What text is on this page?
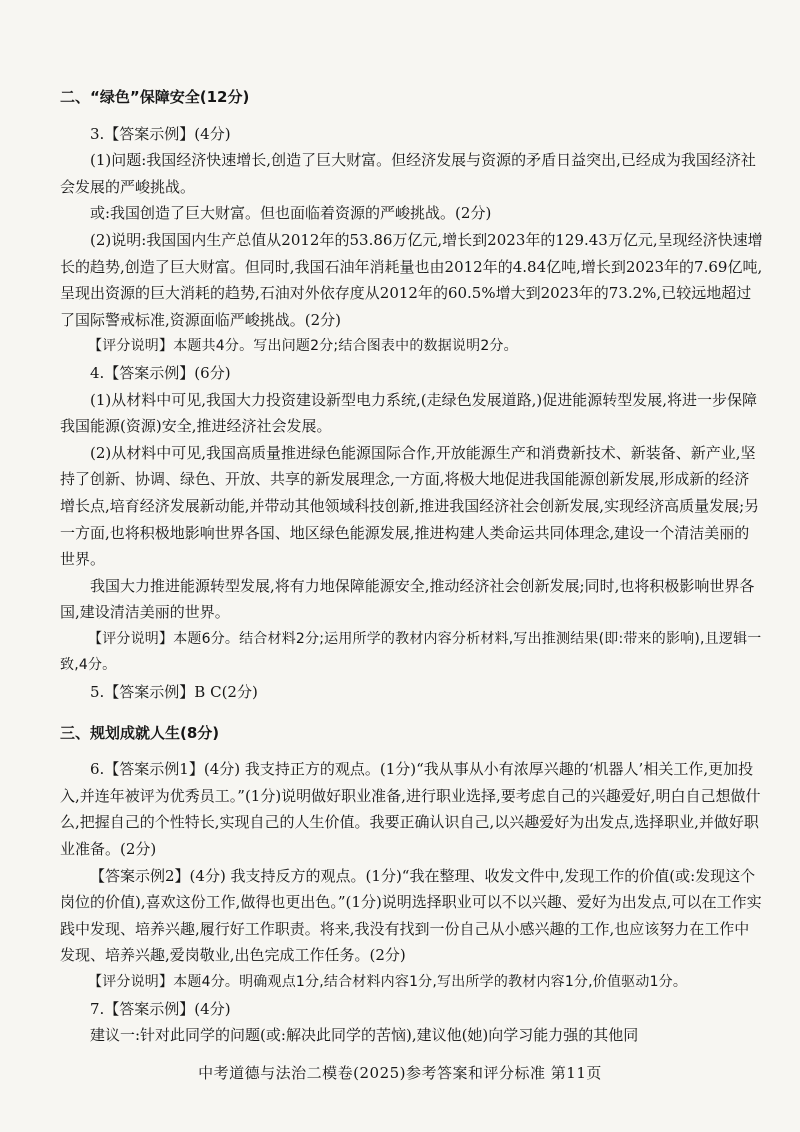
二、“绿色”保障安全(12分)

3.【答案示例】(4分)

(1)问题:我国经济快速增长,创造了巨大财富。但经济发展与资源的矛盾日益突出,已经成为我国经济社会发展的严峻挑战。

或:我国创造了巨大财富。但也面临着资源的严峻挑战。(2分)

(2)说明:我国国内生产总值从2012年的53.86万亿元,增长到2023年的129.43万亿元,呈现经济快速增长的趋势,创造了巨大财富。但同时,我国石油年消耗量也由2012年的4.84亿吨,增长到2023年的7.69亿吨,呈现出资源的巨大消耗的趋势,石油对外依存度从2012年的60.5%增大到2023年的73.2%,已较远地超过了国际警戒标准,资源面临严峻挑战。(2分)

【评分说明】本题共4分。写出问题2分;结合图表中的数据说明2分。

4.【答案示例】(6分)

(1)从材料中可见,我国大力投资建设新型电力系统,(走绿色发展道路,)促进能源转型发展,将进一步保障我国能源(资源)安全,推进经济社会发展。

(2)从材料中可见,我国高质量推进绿色能源国际合作,开放能源生产和消费新技术、新装备、新产业,坚持了创新、协调、绿色、开放、共享的新发展理念,一方面,将极大地促进我国能源创新发展,形成新的经济增长点,培育经济发展新动能,并带动其他领域科技创新,推进我国经济社会创新发展,实现经济高质量发展;另一方面,也将积极地影响世界各国、地区绿色能源发展,推进构建人类命运共同体理念,建设一个清洁美丽的世界。

我国大力推进能源转型发展,将有力地保障能源安全,推动经济社会创新发展;同时,也将积极影响世界各国,建设清洁美丽的世界。

【评分说明】本题6分。结合材料2分;运用所学的教材内容分析材料,写出推测结果(即:带来的影响),且逻辑一致,4分。

5.【答案示例】B C(2分)

三、规划成就人生(8分)

6.【答案示例1】(4分) 我支持正方的观点。(1分)“我从事从小有浓厚兴趣的‘机器人’相关工作,更加投入,并连年被评为优秀员工。”(1分)说明做好职业准备,进行职业选择,要考虑自己的兴趣爱好,明白自己想做什么,把握自己的个性特长,实现自己的人生价值。我要正确认识自己,以兴趣爱好为出发点,选择职业,并做好职业准备。(2分)

【答案示例2】(4分) 我支持反方的观点。(1分)“我在整理、收发文件中,发现工作的价值(或:发现这个岗位的价值),喜欢这份工作,做得也更出色。”(1分)说明选择职业可以不以兴趣、爱好为出发点,可以在工作实践中发现、培养兴趣,履行好工作职责。将来,我没有找到一份自己从小感兴趣的工作,也应该努力在工作中发现、培养兴趣,爱岗敬业,出色完成工作任务。(2分)

【评分说明】本题4分。明确观点1分,结合材料内容1分,写出所学的教材内容1分,价值驱动1分。

7.【答案示例】(4分)

建议一:针对此同学的问题(或:解决此同学的苦恼),建议他(她)向学习能力强的其他同

中考道德与法治二模卷(2025)参考答案和评分标准 第11页
